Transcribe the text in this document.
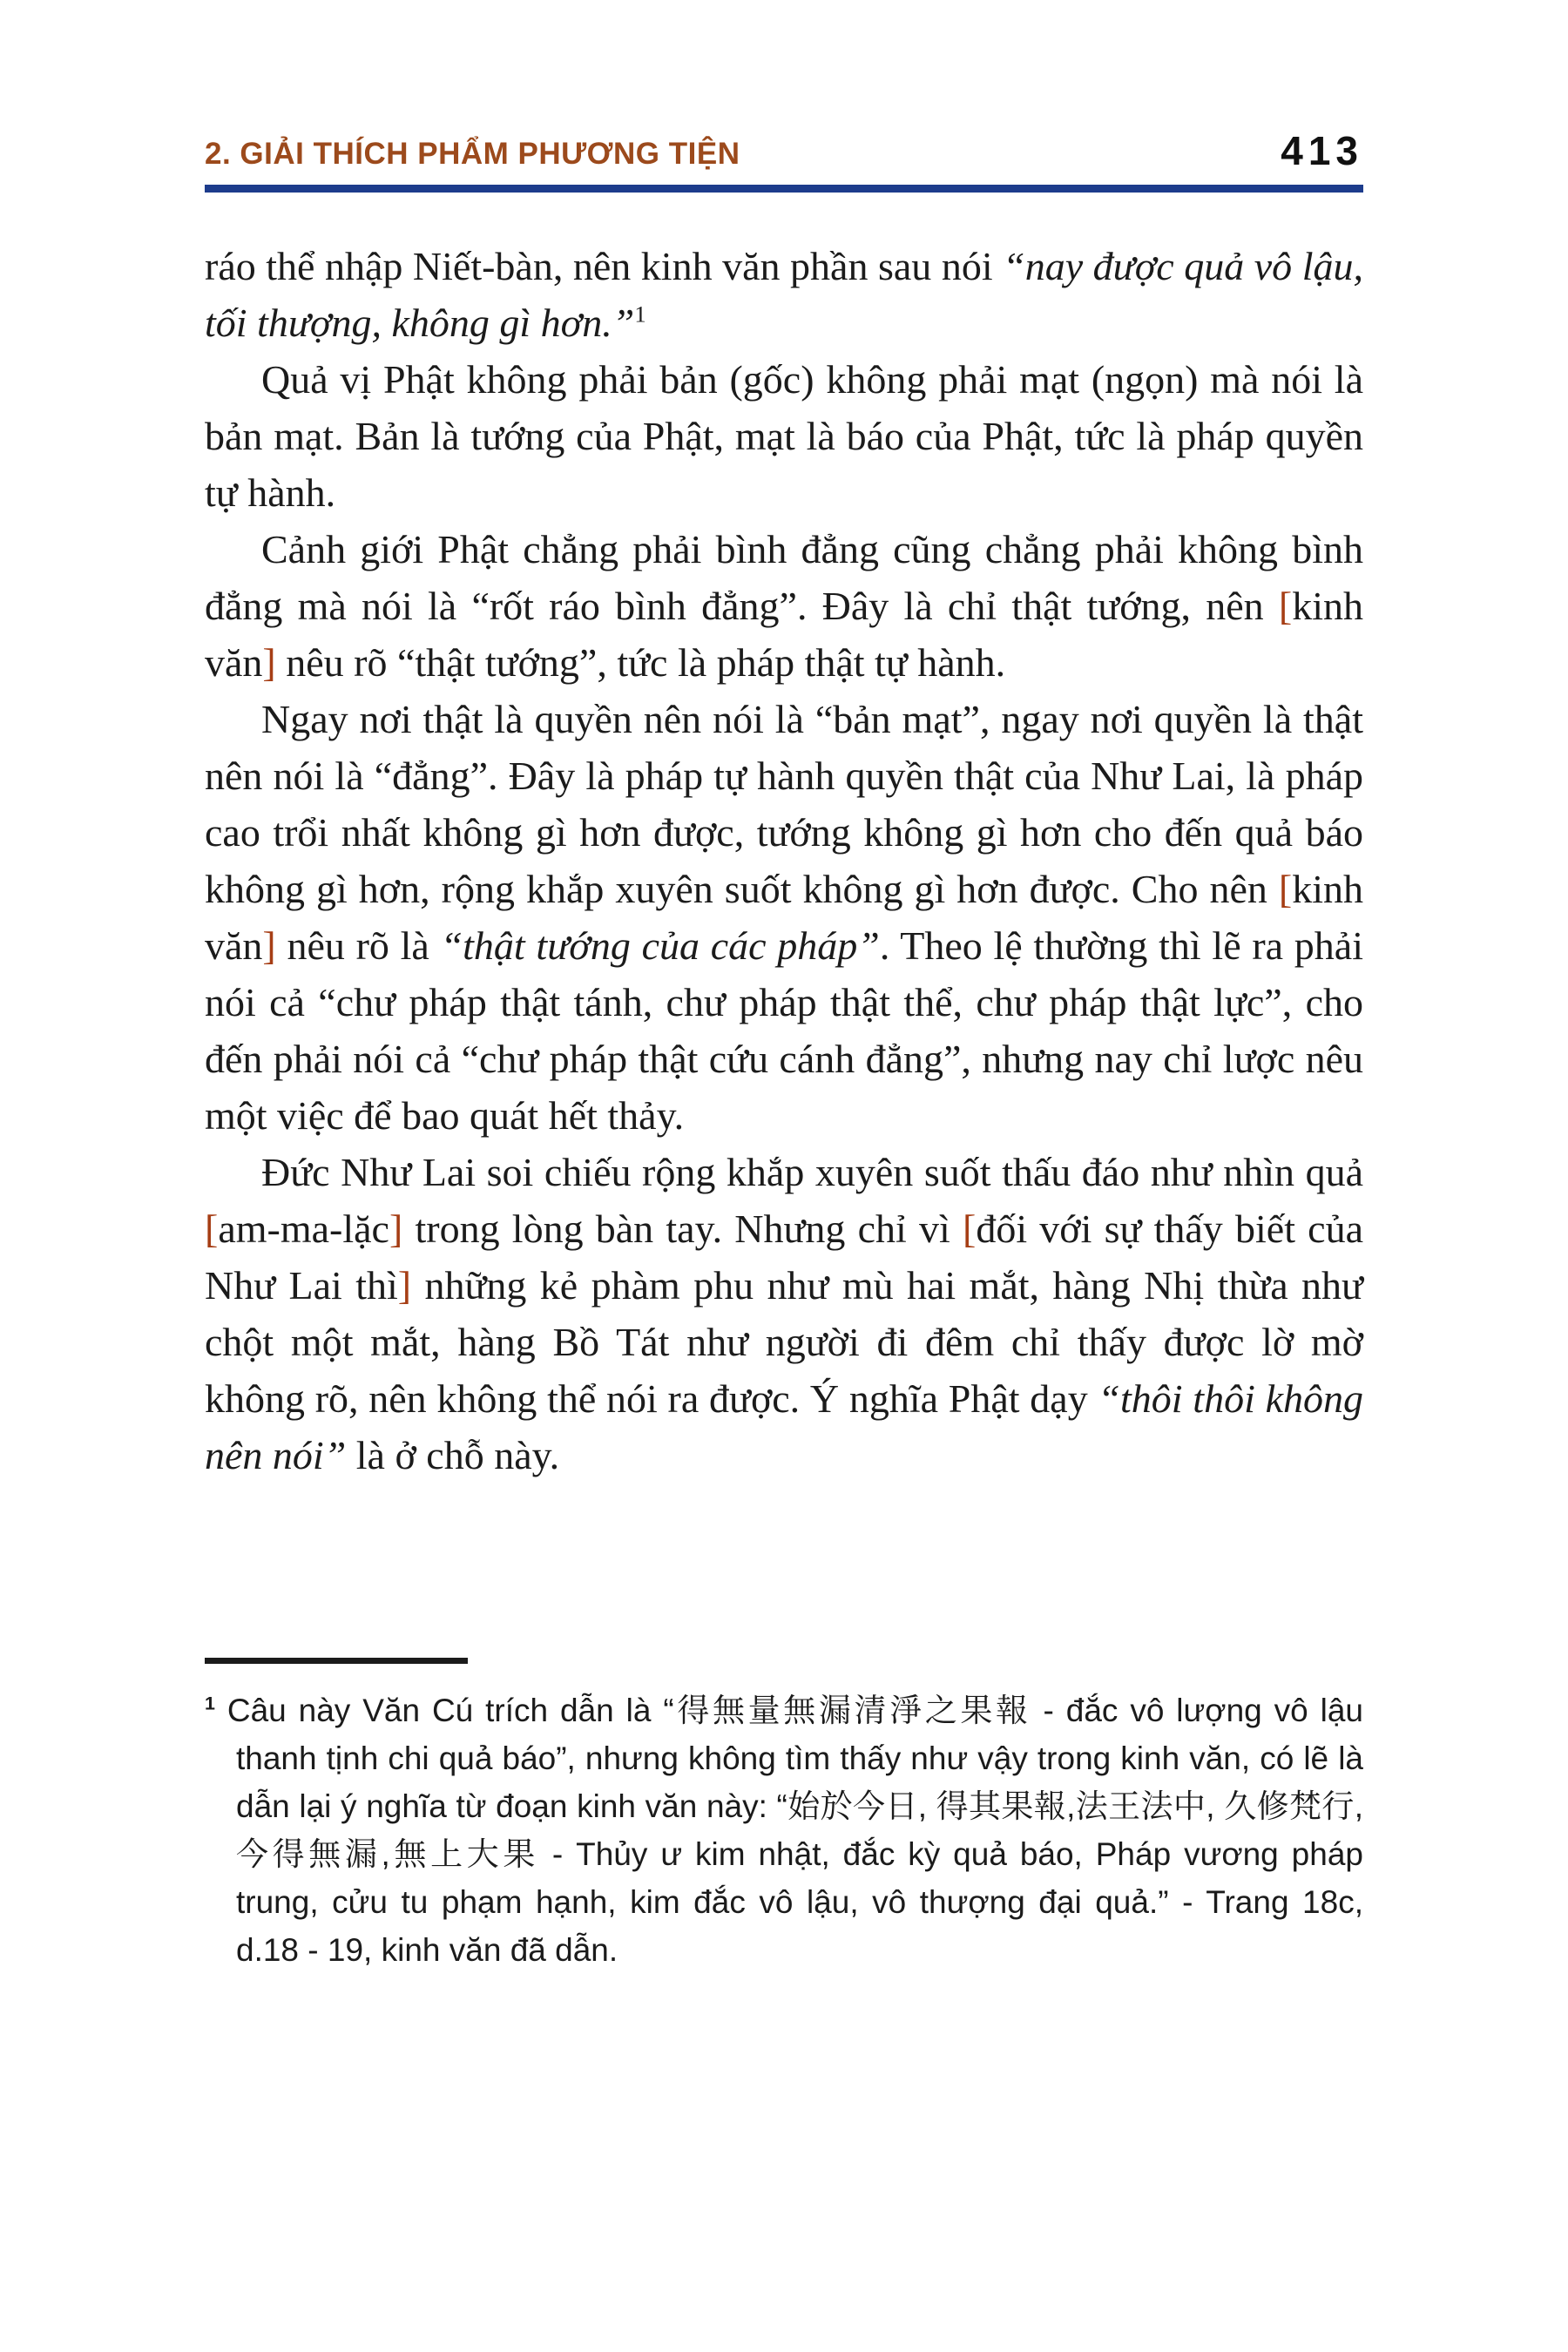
2. GIẢI THÍCH PHẨM PHƯƠNG TIỆN	413

ráo thể nhập Niết-bàn, nên kinh văn phần sau nói “nay được quả vô lậu, tối thượng, không gì hơn.”$^1$

Quả vị Phật không phải bản (gốc) không phải mạt (ngọn) mà nói là bản mạt. Bản là tướng của Phật, mạt là báo của Phật, tức là pháp quyền tự hành.

Cảnh giới Phật chẳng phải bình đẳng cũng chẳng phải không bình đẳng mà nói là “rốt ráo bình đẳng”. Đây là chỉ thật tướng, nên [kinh văn] nêu rõ “thật tướng”, tức là pháp thật tự hành.

Ngay nơi thật là quyền nên nói là “bản mạt”, ngay nơi quyền là thật nên nói là “đẳng”. Đây là pháp tự hành quyền thật của Như Lai, là pháp cao trổi nhất không gì hơn được, tướng không gì hơn cho đến quả báo không gì hơn, rộng khắp xuyên suốt không gì hơn được. Cho nên [kinh văn] nêu rõ là “thật tướng của các pháp”. Theo lệ thường thì lẽ ra phải nói cả “chư pháp thật tánh, chư pháp thật thể, chư pháp thật lực”, cho đến phải nói cả “chư pháp thật cứu cánh đẳng”, nhưng nay chỉ lược nêu một việc để bao quát hết thảy.

Đức Như Lai soi chiếu rộng khắp xuyên suốt thấu đáo như nhìn quả [am-ma-lặc] trong lòng bàn tay. Nhưng chỉ vì [đối với sự thấy biết của Như Lai thì] những kẻ phàm phu như mù hai mắt, hàng Nhị thừa như chột một mắt, hàng Bồ Tát như người đi đêm chỉ thấy được lờ mờ không rõ, nên không thể nói ra được. Ý nghĩa Phật dạy “thôi thôi không nên nói” là ở chỗ này.

$^1$ Câu này Văn Cú trích dẫn là “得無量無漏清淨之果報 - đắc vô lượng vô lậu thanh tịnh chi quả báo”, nhưng không tìm thấy như vậy trong kinh văn, có lẽ là dẫn lại ý nghĩa từ đoạn kinh văn này: “始於今日, 得其果報,法王法中, 久修梵行,今得無漏,無上大果 - Thủy ư kim nhật, đắc kỳ quả báo, Pháp vương pháp trung, cửu tu phạm hạnh, kim đắc vô lậu, vô thượng đại quả.” - Trang 18c, d.18 - 19, kinh văn đã dẫn.
